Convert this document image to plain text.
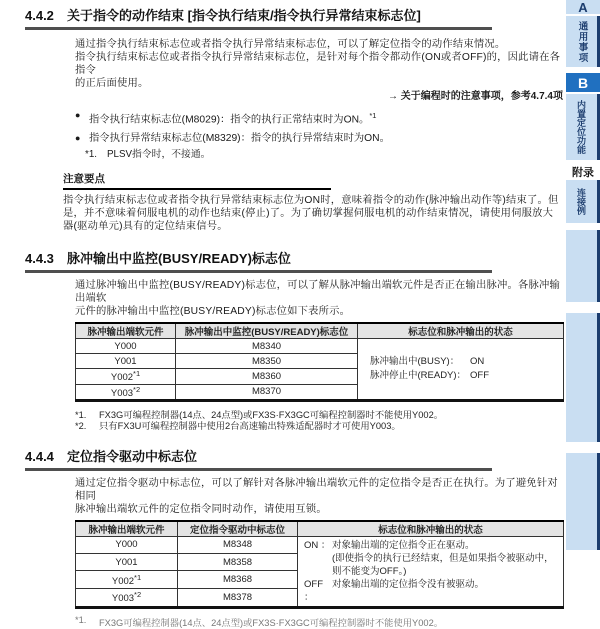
4.4.2	关于指令的动作结束 [指令执行结束/指令执行异常结束标志位]
通过指令执行结束标志位或者指令执行异常结束标志位，可以了解定位指令的动作结束情况。
指令执行结束标志位或者指令执行异常结束标志位，是针对每个指令都动作(ON或者OFF)的，因此请在各指令
的正后面使用。
→ 关于编程时的注意事项，参考4.7.4项
● 指令执行结束标志位(M8029)：指令的执行正常结束时为ON。$^{*1}$
● 指令执行异常结束标志位(M8329)：指令的执行异常结束时为ON。
*1.	PLSV指令时，不接通。
注意要点
指令执行结束标志位或者指令执行异常结束标志位为ON时，意味着指令的动作(脉冲输出动作等)结束了。但
是，并不意味着伺服电机的动作也结束(停止)了。为了确切掌握伺服电机的动作结束情况，请使用伺服放大
器(驱动单元)具有的定位结束信号。
4.4.3	脉冲输出中监控(BUSY/READY)标志位
通过脉冲输出中监控(BUSY/READY)标志位，可以了解从脉冲输出端软元件是否正在输出脉冲。各脉冲输出端软
元件的脉冲输出中监控(BUSY/READY)标志位如下表所示。
脉冲输出端软元件	脉冲输出中监控(BUSY/READY)标志位	标志位和脉冲输出的状态
Y000	M8340	脉冲输出中(BUSY)： ON
脉冲停止中(READY)： OFF

Y001	M8350	
Y002$^{*1}$	M8360	
Y003$^{*2}$	M8370	
*1.	FX3G可编程控制器(14点、24点型)或FX3S·FX3GC可编程控制器时不能使用Y002。
*2.	只有FX3U可编程控制器中使用2台高速输出特殊适配器时才可使用Y003。
4.4.4	定位指令驱动中标志位
通过定位指令驱动中标志位，可以了解针对各脉冲输出端软元件的定位指令是否正在执行。为了避免针对相同
脉冲输出端软元件的定位指令同时动作，请使用互锁。
脉冲输出端软元件	定位指令驱动中标志位	标志位和脉冲输出的状态
Y000	M8348	ON ： 对象输出端的定位指令正在驱动。
(即使指令的执行已经结束，但是如果指令被驱动中，
则不能变为OFF。)
OFF ：
对象输出端的定位指令没有被驱动。

Y001	M8358	
Y002$^{*1}$	M8368	
Y003$^{*2}$	M8378	
*1.	FX3G可编程控制器(14点、24点型)或FX3S·FX3GC可编程控制器时不能使用Y002。
A
通用事项
B
内置定位功能
附录
连接例
